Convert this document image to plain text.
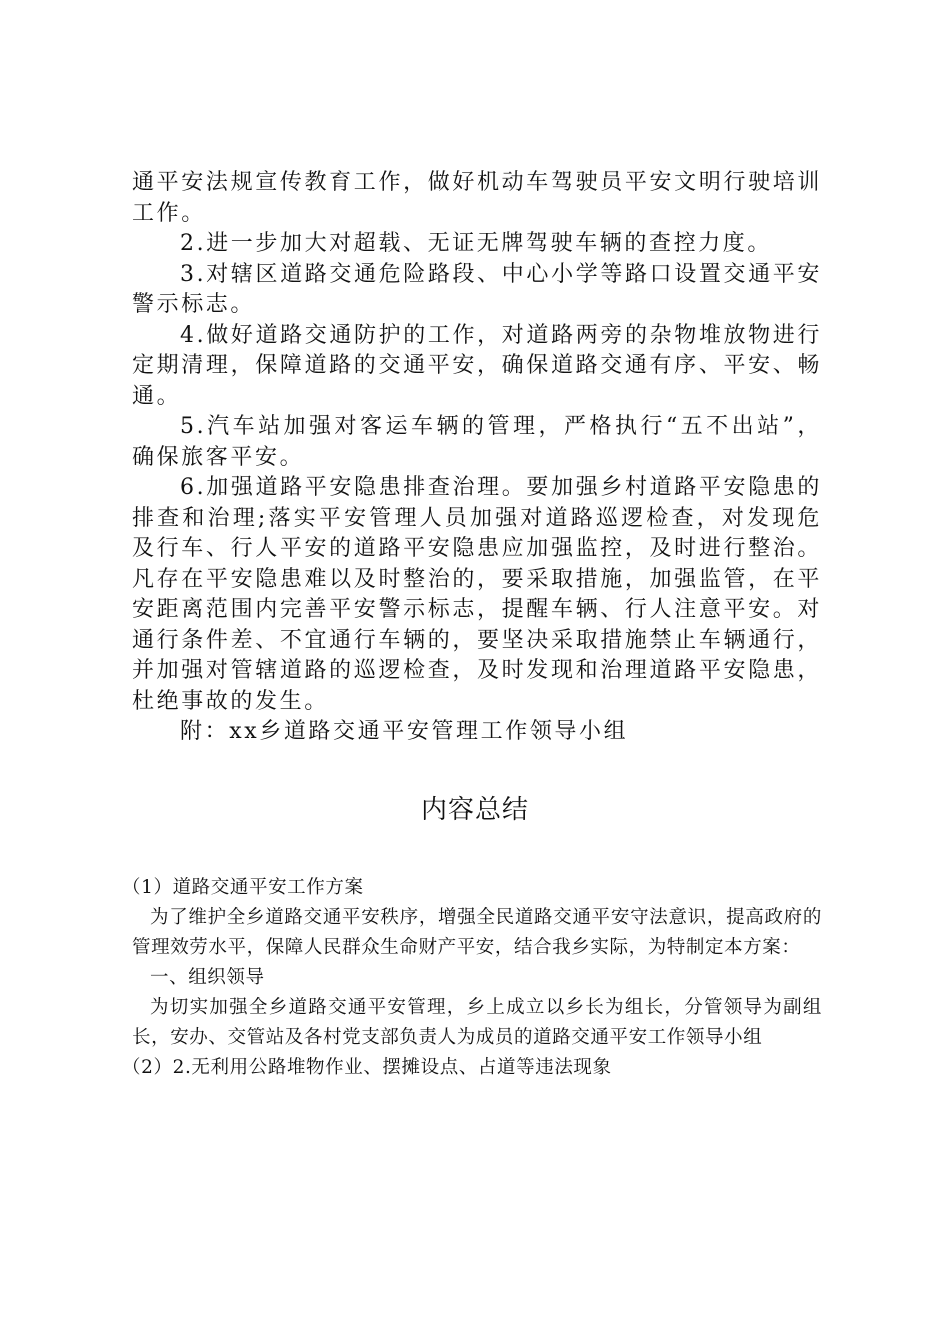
通平安法规宣传教育工作，做好机动车驾驶员平安文明行驶培训工作。

2.进一步加大对超载、无证无牌驾驶车辆的查控力度。

3.对辖区道路交通危险路段、中心小学等路口设置交通平安警示标志。

4.做好道路交通防护的工作，对道路两旁的杂物堆放物进行定期清理，保障道路的交通平安，确保道路交通有序、平安、畅通。

5.汽车站加强对客运车辆的管理，严格执行“五不出站”，确保旅客平安。

6.加强道路平安隐患排查治理。要加强乡村道路平安隐患的排查和治理;落实平安管理人员加强对道路巡逻检查，对发现危及行车、行人平安的道路平安隐患应加强监控，及时进行整治。凡存在平安隐患难以及时整治的，要采取措施，加强监管，在平安距离范围内完善平安警示标志，提醒车辆、行人注意平安。对通行条件差、不宜通行车辆的，要坚决采取措施禁止车辆通行，并加强对管辖道路的巡逻检查，及时发现和治理道路平安隐患，杜绝事故的发生。

附：xx乡道路交通平安管理工作领导小组

内容总结

（1）道路交通平安工作方案

为了维护全乡道路交通平安秩序，增强全民道路交通平安守法意识，提高政府的管理效劳水平，保障人民群众生命财产平安，结合我乡实际，为特制定本方案：

一、组织领导

为切实加强全乡道路交通平安管理，乡上成立以乡长为组长，分管领导为副组长，安办、交管站及各村党支部负责人为成员的道路交通平安工作领导小组

（2）2.无利用公路堆物作业、摆摊设点、占道等违法现象
